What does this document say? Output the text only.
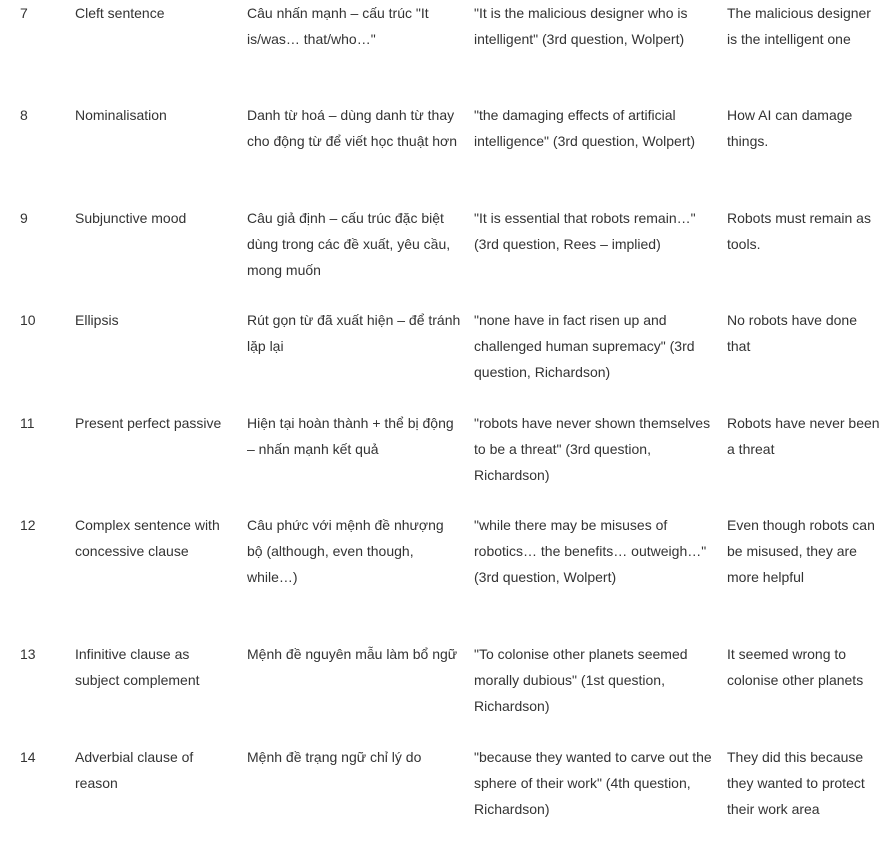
7	Cleft sentence	Câu nhấn mạnh – cấu trúc "It is/was… that/who…"	"It is the malicious designer who is intelligent" (3rd question, Wolpert)	The malicious designer is the intelligent one
8	Nominalisation	Danh từ hoá – dùng danh từ thay cho động từ để viết học thuật hơn	"the damaging effects of artificial intelligence" (3rd question, Wolpert)	How AI can damage things.
9	Subjunctive mood	Câu giả định – cấu trúc đặc biệt dùng trong các đề xuất, yêu cầu, mong muốn	"It is essential that robots remain…" (3rd question, Rees – implied)	Robots must remain as tools.
10	Ellipsis	Rút gọn từ đã xuất hiện – để tránh lặp lại	"none have in fact risen up and challenged human supremacy" (3rd question, Richardson)	No robots have done that
11	Present perfect passive	Hiện tại hoàn thành + thể bị động – nhấn mạnh kết quả	"robots have never shown themselves to be a threat" (3rd question, Richardson)	Robots have never been a threat
12	Complex sentence with concessive clause	Câu phức với mệnh đề nhượng bộ (although, even though, while…)	"while there may be misuses of robotics… the benefits… outweigh…" (3rd question, Wolpert)	Even though robots can be misused, they are more helpful
13	Infinitive clause as subject complement	Mệnh đề nguyên mẫu làm bổ ngữ	"To colonise other planets seemed morally dubious" (1st question, Richardson)	It seemed wrong to colonise other planets
14	Adverbial clause of reason	Mệnh đề trạng ngữ chỉ lý do	"because they wanted to carve out the sphere of their work" (4th question, Richardson)	They did this because they wanted to protect their work area
